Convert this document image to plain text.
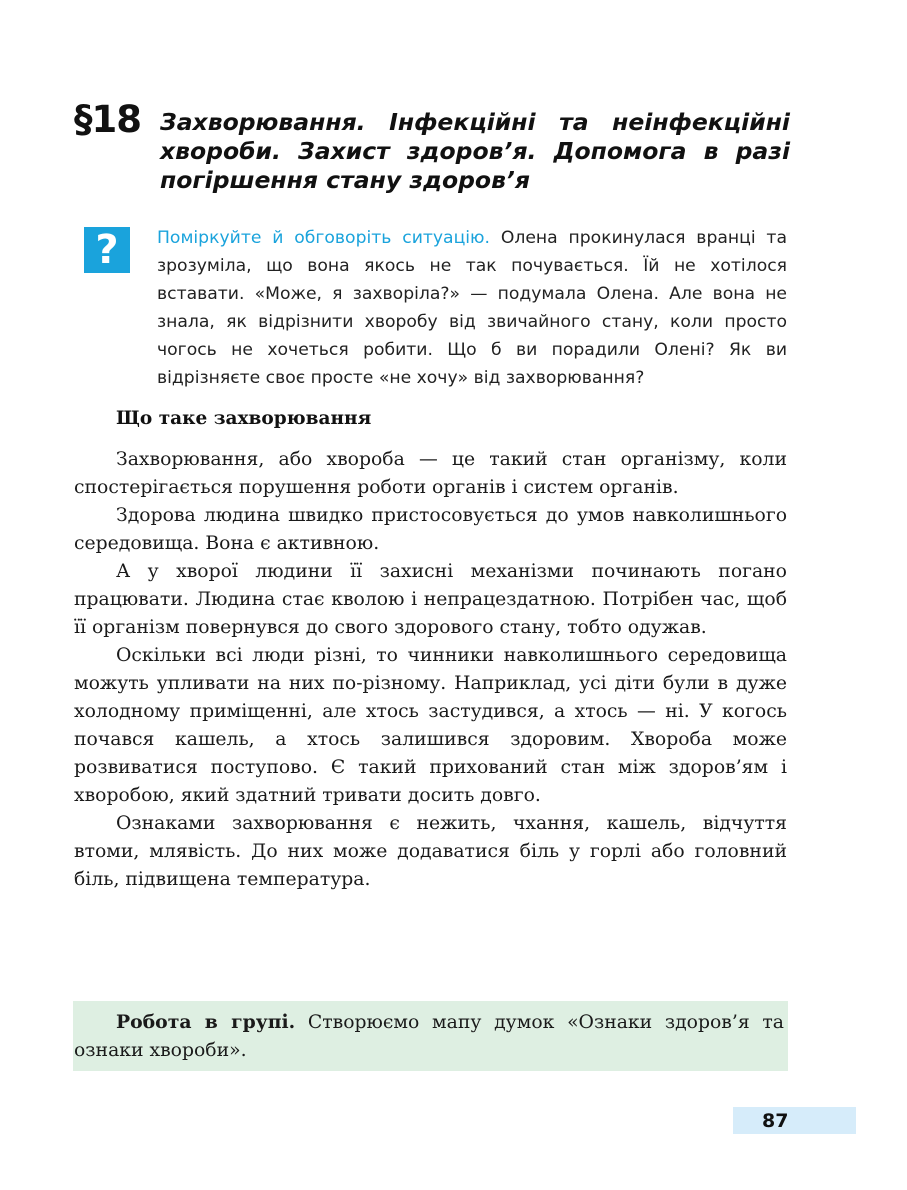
§18 Захворювання. Інфекційні та неінфекційні хвороби. Захист здоров’я. Допомога в разі погіршення стану здоров’я
? Поміркуйте й обговоріть ситуацію. Олена прокинулася вранці та зрозуміла, що вона якось не так почувається. Їй не хотілося вставати. «Може, я захворіла?» — подумала Олена. Але вона не знала, як відрізнити хворобу від звичайного стану, коли просто чогось не хочеться робити. Що б ви порадили Олені? Як ви відрізняєте своє просте «не хочу» від захворювання?
Що таке захворювання

Захворювання, або хвороба — це такий стан організму, коли спостерігається порушення роботи органів і систем органів.

Здорова людина швидко пристосовується до умов навколишнього середовища. Вона є активною.

А у хворої людини її захисні механізми починають погано працювати. Людина стає кволою і непрацездатною. Потрібен час, щоб її організм повернувся до свого здорового стану, тобто одужав.

Оскільки всі люди різні, то чинники навколишнього середовища можуть упливати на них по-різному. Наприклад, усі діти були в дуже холодному приміщенні, але хтось застудився, а хтось — ні. У когось почався кашель, а хтось залишився здоровим. Хвороба може розвиватися поступово. Є такий прихований стан між здоров’ям і хворобою, який здатний тривати досить довго.

Ознаками захворювання є нежить, чхання, кашель, відчуття втоми, млявість. До них може додаватися біль у горлі або головний біль, підвищена температура.

Робота в групі. Створюємо мапу думок «Ознаки здоров’я та ознаки хвороби».
87
